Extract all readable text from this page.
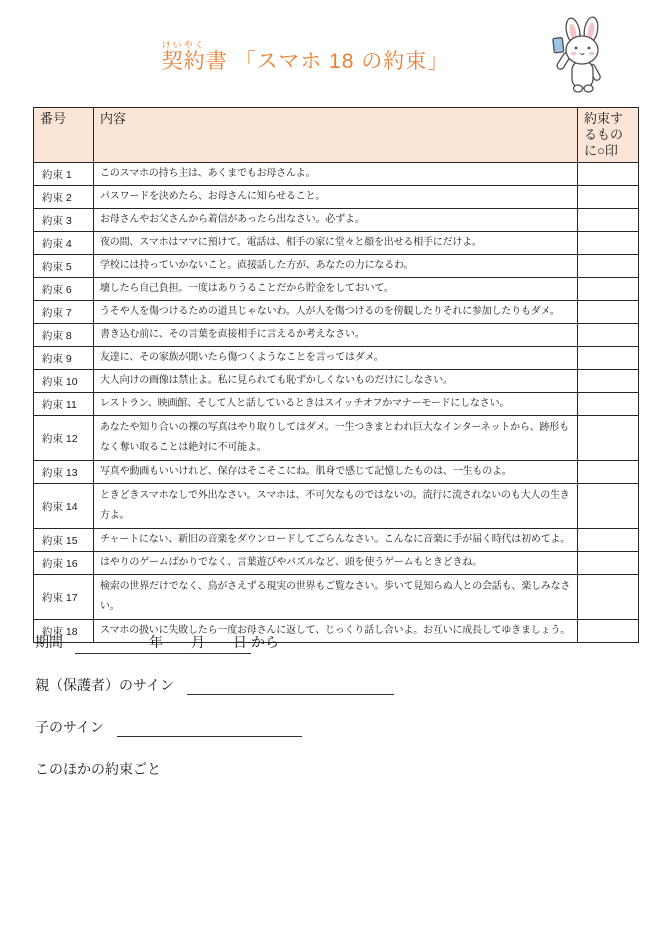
契約けいやく書 「スマホ 18 の約束」
番号	内容	約束するものに○印
約束 1	このスマホの持ち主は、あくまでもお母さんよ。	
約束 2	パスワードを決めたら、お母さんに知らせること。	
約束 3	お母さんやお父さんから着信があったら出なさい。必ずよ。	
約束 4	夜の間、スマホはママに預けて。電話は、相手の家に堂々と顔を出せる相手にだけよ。	
約束 5	学校には持っていかないこと。直接話した方が、あなたの力になるわ。	
約束 6	壊したら自己負担。一度はありうることだから貯金をしておいて。	
約束 7	うそや人を傷つけるための道具じゃないわ。人が人を傷つけるのを傍観したりそれに参加したりもダメ。	
約束 8	書き込む前に、その言葉を直接相手に言えるか考えなさい。	
約束 9	友達に、その家族が聞いたら傷つくようなことを言ってはダメ。	
約束 10	大人向けの画像は禁止よ。私に見られても恥ずかしくないものだけにしなさい。	
約束 11	レストラン、映画館、そして人と話しているときはスイッチオフかマナーモードにしなさい。	
約束 12	あなたや知り合いの裸の写真はやり取りしてはダメ。一生つきまとわれ巨大なインターネットから、跡形もなく奪い取ることは絶対に不可能よ。	
約束 13	写真や動画もいいけれど、保存はそこそこにね。肌身で感じて記憶したものは、一生ものよ。	
約束 14	ときどきスマホなしで外出なさい。スマホは、不可欠なものではないの。流行に流されないのも大人の生き方よ。	
約束 15	チャートにない、新旧の音楽をダウンロードしてごらんなさい。こんなに音楽に手が届く時代は初めてよ。	
約束 16	はやりのゲームばかりでなく、言葉遊びやパズルなど、頭を使うゲームもときどきね。	
約束 17	検索の世界だけでなく、鳥がさえずる現実の世界もご覧なさい。歩いて見知らぬ人との会話も、楽しみなさい。	
約束 18	スマホの扱いに失敗したら一度お母さんに返して、じっくり話し合いよ。お互いに成長してゆきましょう。	
期間　　　　　年　　月　　日 から
親（保護者）のサイン
子のサイン
このほかの約束ごと
